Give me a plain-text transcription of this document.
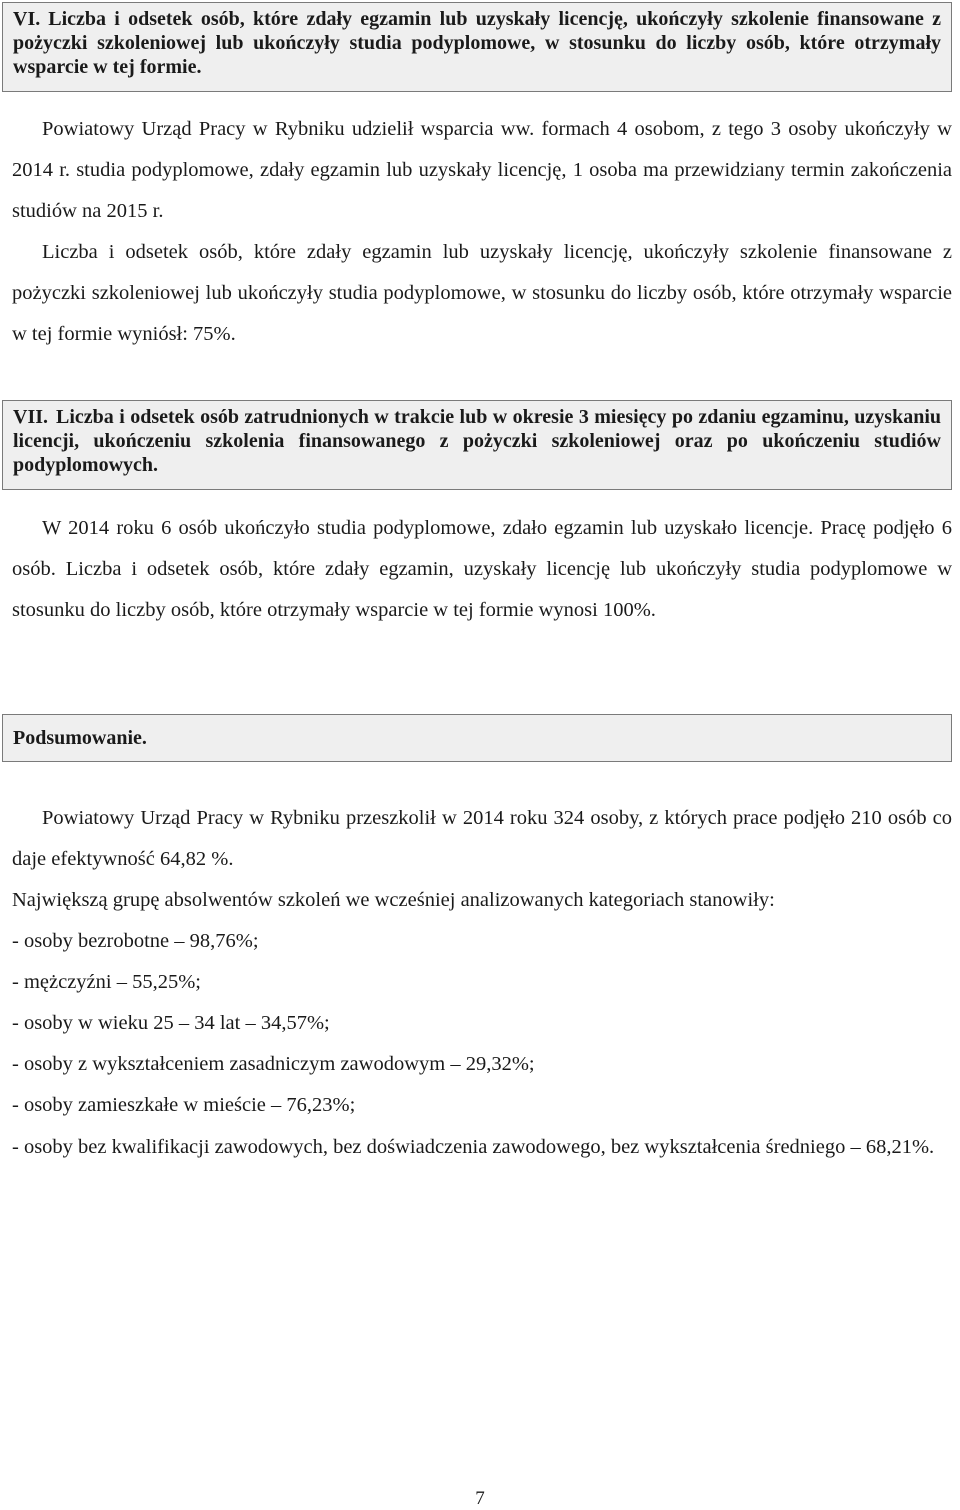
VI. Liczba i odsetek osób, które zdały egzamin lub uzyskały licencję, ukończyły szkolenie finansowane z pożyczki szkoleniowej lub ukończyły studia podyplomowe, w stosunku do liczby osób, które otrzymały wsparcie w tej formie.
Powiatowy Urząd Pracy w Rybniku udzielił wsparcia ww. formach 4 osobom, z tego 3 osoby ukończyły w 2014 r. studia podyplomowe, zdały egzamin lub uzyskały licencję, 1 osoba ma przewidziany termin zakończenia studiów na 2015 r.
Liczba i odsetek osób, które zdały egzamin lub uzyskały licencję, ukończyły szkolenie finansowane z pożyczki szkoleniowej lub ukończyły studia podyplomowe, w stosunku do liczby osób, które otrzymały wsparcie w tej formie wyniósł: 75%.
VII. Liczba i odsetek osób zatrudnionych w trakcie lub w okresie 3 miesięcy po zdaniu egzaminu, uzyskaniu licencji, ukończeniu szkolenia finansowanego z pożyczki szkoleniowej oraz po ukończeniu studiów podyplomowych.
W 2014 roku 6 osób ukończyło studia podyplomowe, zdało egzamin lub uzyskało licencje. Pracę podjęło 6 osób. Liczba i odsetek osób, które zdały egzamin, uzyskały licencję lub ukończyły studia podyplomowe w stosunku do liczby osób, które otrzymały wsparcie w tej formie wynosi 100%.
Podsumowanie.
Powiatowy Urząd Pracy w Rybniku przeszkolił w 2014 roku 324 osoby, z których prace podjęło 210 osób co daje efektywność 64,82 %.
Największą grupę absolwentów szkoleń we wcześniej analizowanych kategoriach stanowiły:
- osoby bezrobotne – 98,76%;
- mężczyźni – 55,25%;
- osoby w wieku 25 – 34 lat – 34,57%;
- osoby z wykształceniem zasadniczym zawodowym – 29,32%;
- osoby zamieszkałe w mieście – 76,23%;
- osoby bez kwalifikacji zawodowych, bez doświadczenia zawodowego, bez wykształcenia średniego – 68,21%.
7
